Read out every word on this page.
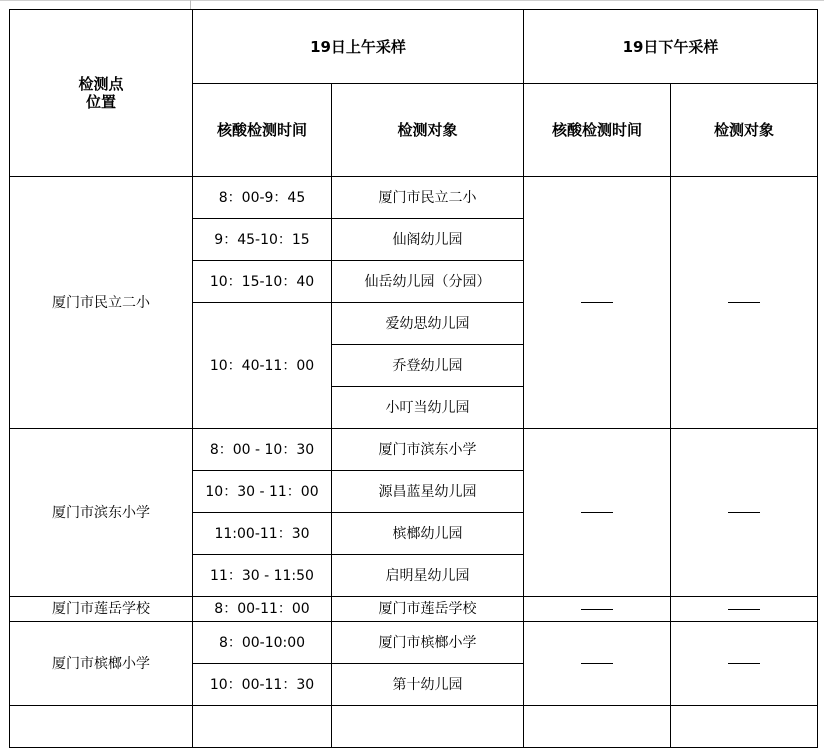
检测点
位置	19日上午采样		19日下午采样	
	核酸检测时间	检测对象	核酸检测时间	检测对象
厦门市民立二小	8：00-9：45	厦门市民立二小		
	9：45-10：15	仙阁幼儿园		
	10：15-10：40	仙岳幼儿园（分园）		
	10：40-11：00	爱幼思幼儿园		
		乔登幼儿园		
		小叮当幼儿园		
厦门市滨东小学	8：00 - 10：30	厦门市滨东小学		
	10：30 - 11：00	源昌蓝星幼儿园		
	11:00-11：30	槟榔幼儿园		
	11：30 - 11:50	启明星幼儿园		
厦门市莲岳学校	8：00-11：00	厦门市莲岳学校		
厦门市槟榔小学	8：00-10:00	厦门市槟榔小学		
	10：00-11：30	第十幼儿园		
